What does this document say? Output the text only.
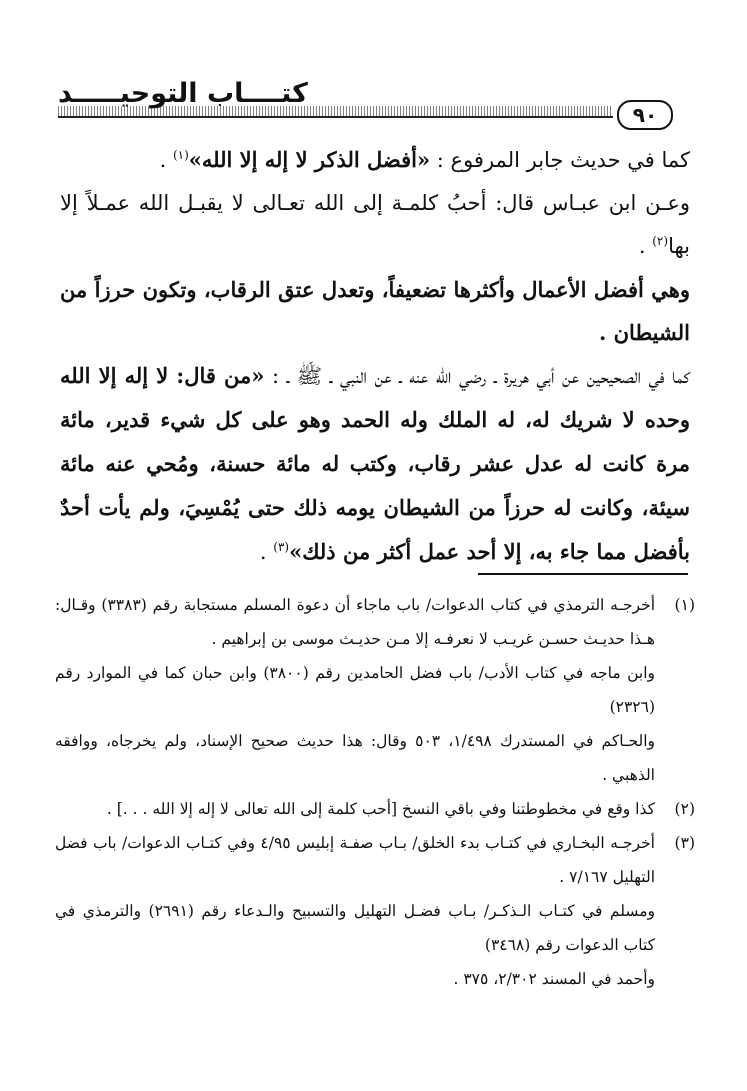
كتــــاب التوحيـــــد
٩٠

كما في حديث جابر المرفوع : «أفضل الذكر لا إله إلا الله»$^{(١)}$ .

وعـن ابن عبـاس قال: أحبُ كلمـة إلى الله تعـالى لا يقبـل الله عمـلاً إلا بها$^{(٢)}$ .

وهي أفضل الأعمال وأكثرها تضعيفاً، وتعدل عتق الرقاب، وتكون حرزاً من الشيطان .

كما في الصحيحين عن أبي هريرة ـ رضي الله عنه ـ عن النبي ـ ﷺ ـ : «من قال: لا إله إلا الله وحده لا شريك له، له الملك وله الحمد وهو على كل شيء قدير، مائة مرة كانت له عدل عشر رقاب، وكتب له مائة حسنة، ومُحي عنه مائة سيئة، وكانت له حرزاً من الشيطان يومه ذلك حتى يُمْسِيَ، ولم يأت أحدٌ بأفضل مما جاء به، إلا أحد عمل أكثر من ذلك»$^{(٣)}$ .

(١)
أخرجـه الترمذي في كتاب الدعوات/ باب ماجاء أن دعوة المسلم مستجابة رقم (٣٣٨٣) وقـال: هـذا حديـث حسـن غريـب لا نعرفـه إلا مـن حديـث موسى بن إبراهيم .

وابن ماجه في كتاب الأدب/ باب فضل الحامدين رقم (٣٨٠٠) وابن حبان كما في الموارد رقم (٢٣٢٦)

والحـاكم في المستدرك ١/٤٩٨، ٥٠٣ وقال: هذا حديث صحيح الإسناد، ولم يخرجاه، ووافقه الذهبي .

(٢)
كذا وقع في مخطوطتنا وفي باقي النسخ [أحب كلمة إلى الله تعالى لا إله إلا الله . . .] .

(٣)
أخرجـه البخـاري في كتـاب بدء الخلق/ بـاب صفـة إبليس ٤/٩٥ وفي كتـاب الدعوات/ باب فضل التهليل ٧/١٦٧ .

ومسلم في كتـاب الـذكـر/ بـاب فضـل التهليل والتسبيح والـدعاء رقم (٢٦٩١) والترمذي في كتاب الدعوات رقم (٣٤٦٨)

وأحمد في المسند ٢/٣٠٢، ٣٧٥ .
